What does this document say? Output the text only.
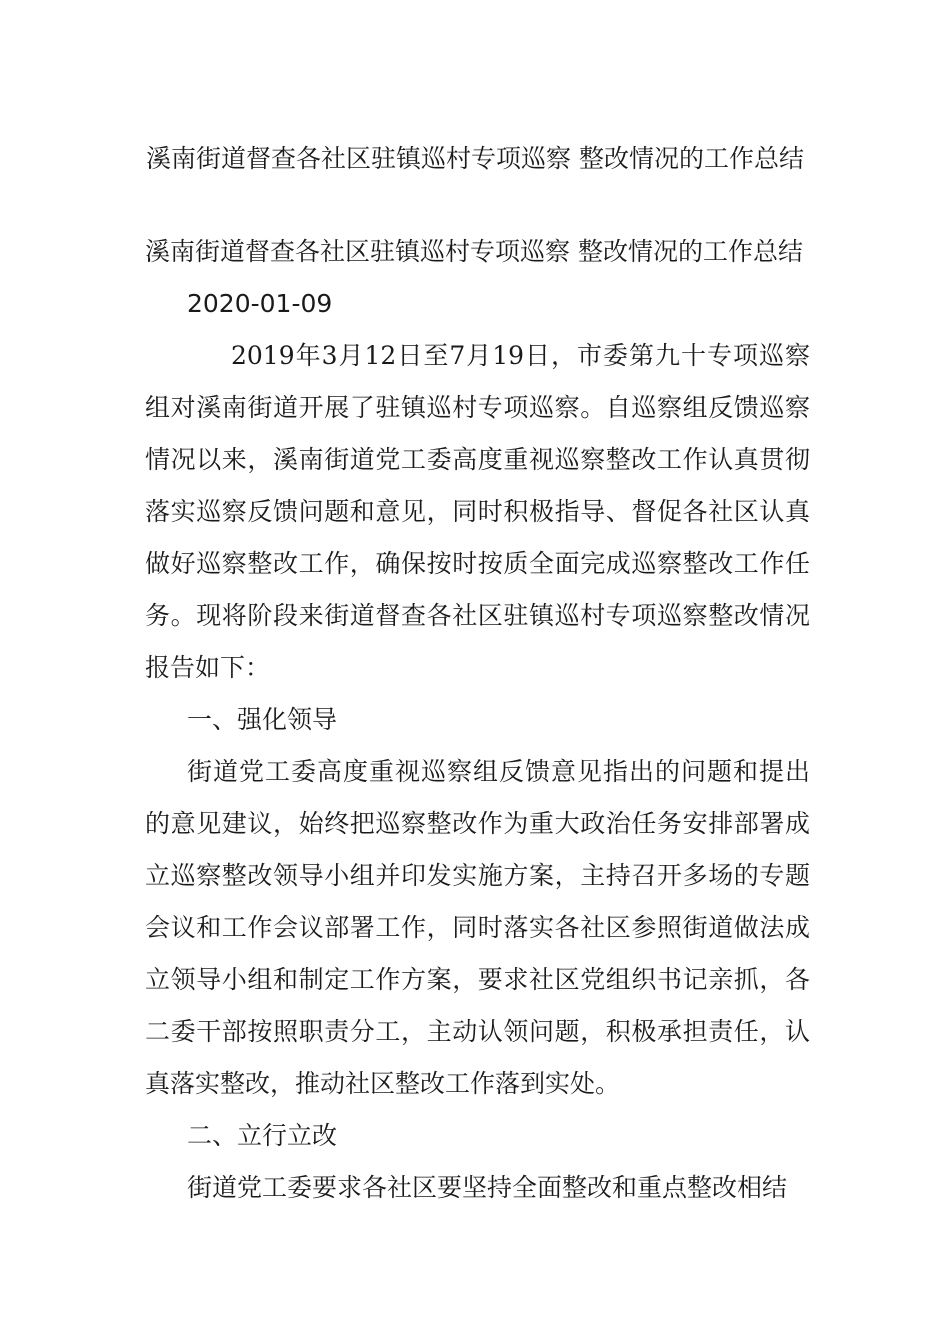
溪南街道督查各社区驻镇巡村专项巡察 整改情况的工作总结

溪南街道督查各社区驻镇巡村专项巡察 整改情况的工作总结

2020-01-09

2019年3月12日至7月19日，市委第九十专项巡察组对溪南街道开展了驻镇巡村专项巡察。自巡察组反馈巡察情况以来，溪南街道党工委高度重视巡察整改工作认真贯彻落实巡察反馈问题和意见，同时积极指导、督促各社区认真做好巡察整改工作，确保按时按质全面完成巡察整改工作任务。现将阶段来街道督查各社区驻镇巡村专项巡察整改情况报告如下：

一、强化领导

街道党工委高度重视巡察组反馈意见指出的问题和提出的意见建议，始终把巡察整改作为重大政治任务安排部署成立巡察整改领导小组并印发实施方案，主持召开多场的专题会议和工作会议部署工作，同时落实各社区参照街道做法成立领导小组和制定工作方案，要求社区党组织书记亲抓，各二委干部按照职责分工，主动认领问题，积极承担责任，认真落实整改，推动社区整改工作落到实处。

二、立行立改

街道党工委要求各社区要坚持全面整改和重点整改相结
